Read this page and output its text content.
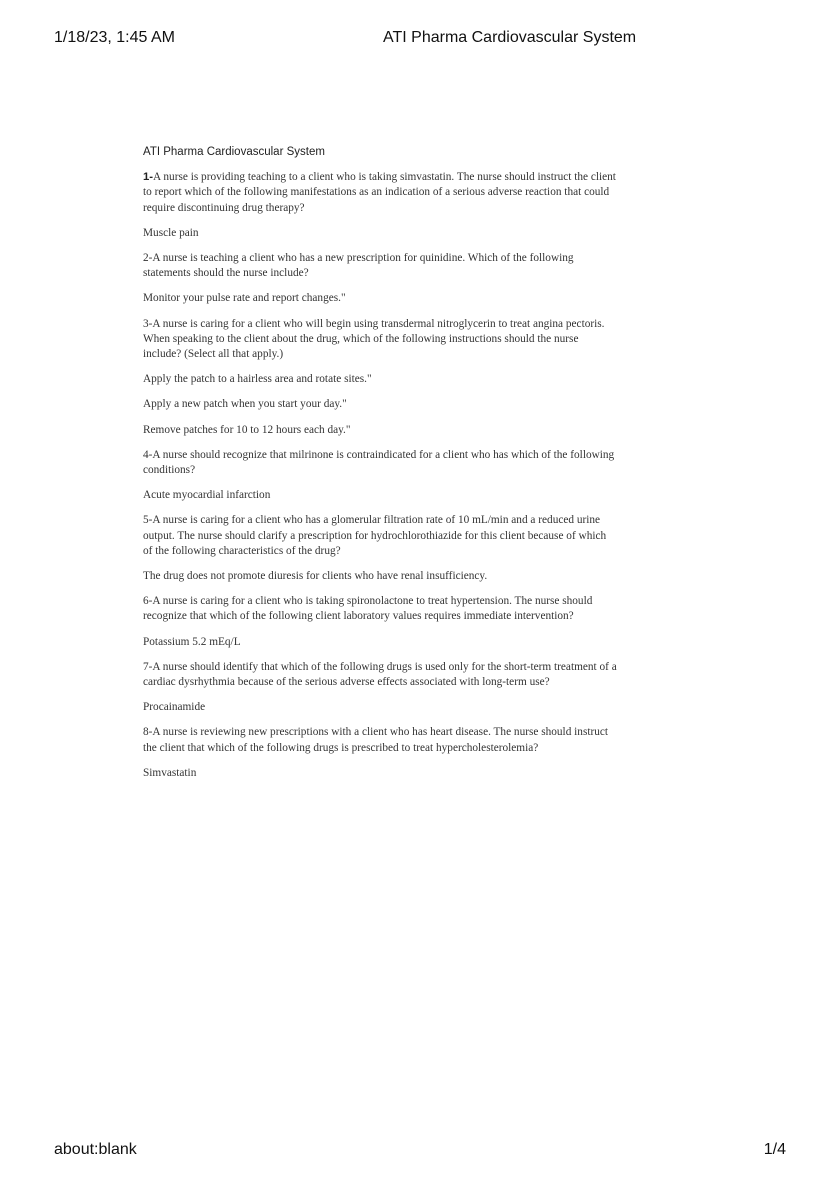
1/18/23, 1:45 AM	ATI Pharma Cardiovascular System
ATI Pharma Cardiovascular System
1-A nurse is providing teaching to a client who is taking simvastatin. The nurse should instruct the client to report which of the following manifestations as an indication of a serious adverse reaction that could require discontinuing drug therapy?
Muscle pain
2-A nurse is teaching a client who has a new prescription for quinidine. Which of the following statements should the nurse include?
Monitor your pulse rate and report changes."
3-A nurse is caring for a client who will begin using transdermal nitroglycerin to treat angina pectoris. When speaking to the client about the drug, which of the following instructions should the nurse include? (Select all that apply.)
Apply the patch to a hairless area and rotate sites."
Apply a new patch when you start your day."
Remove patches for 10 to 12 hours each day."
4-A nurse should recognize that milrinone is contraindicated for a client who has which of the following conditions?
Acute myocardial infarction
5-A nurse is caring for a client who has a glomerular filtration rate of 10 mL/min and a reduced urine output. The nurse should clarify a prescription for hydrochlorothiazide for this client because of which of the following characteristics of the drug?
The drug does not promote diuresis for clients who have renal insufficiency.
6-A nurse is caring for a client who is taking spironolactone to treat hypertension. The nurse should recognize that which of the following client laboratory values requires immediate intervention?
Potassium 5.2 mEq/L
7-A nurse should identify that which of the following drugs is used only for the short-term treatment of a cardiac dysrhythmia because of the serious adverse effects associated with long-term use?
Procainamide
8-A nurse is reviewing new prescriptions with a client who has heart disease. The nurse should instruct the client that which of the following drugs is prescribed to treat hypercholesterolemia?
Simvastatin
about:blank	1/4
